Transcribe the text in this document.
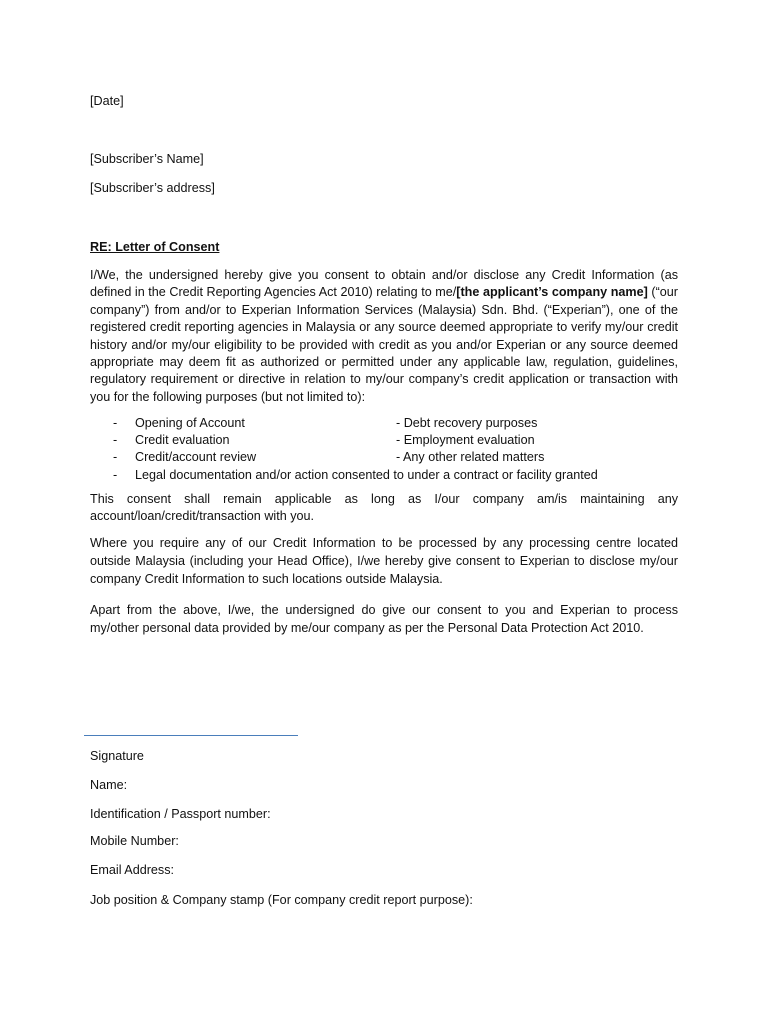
[Date]
[Subscriber’s Name]
[Subscriber’s address]
RE: Letter of Consent
I/We, the undersigned hereby give you consent to obtain and/or disclose any Credit Information (as defined in the Credit Reporting Agencies Act 2010) relating to me/[the applicant’s company name] (“our company”) from and/or to Experian Information Services (Malaysia) Sdn. Bhd. (“Experian”), one of the registered credit reporting agencies in Malaysia or any source deemed appropriate to verify my/our credit history and/or my/our eligibility to be provided with credit as you and/or Experian or any source deemed appropriate may deem fit as authorized or permitted under any applicable law, regulation, guidelines, regulatory requirement or directive in relation to my/our company’s credit application or transaction with you for the following purposes (but not limited to):
- Opening of Account	- Debt recovery purposes
- Credit evaluation	- Employment evaluation
- Credit/account review	- Any other related matters
- Legal documentation and/or action consented to under a contract or facility granted
This consent shall remain applicable as long as I/our company am/is maintaining any account/loan/credit/transaction with you.
Where you require any of our Credit Information to be processed by any processing centre located outside Malaysia (including your Head Office), I/we hereby give consent to Experian to disclose my/our company Credit Information to such locations outside Malaysia.
Apart from the above, I/we, the undersigned do give our consent to you and Experian to process my/other personal data provided by me/our company as per the Personal Data Protection Act 2010.
Signature
Name:
Identification / Passport number:
Mobile Number:
Email Address:
Job position & Company stamp (For company credit report purpose):
